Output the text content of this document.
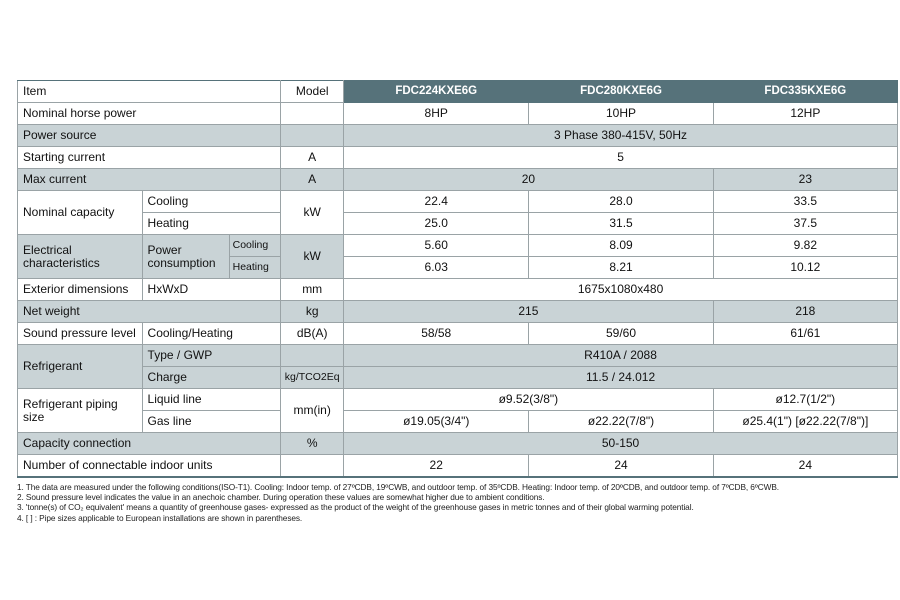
Item			Model	FDC224KXE6G	FDC280KXE6G	FDC335KXE6G
Nominal horse power				8HP	10HP	12HP
Power source				3 Phase 380-415V, 50Hz		
Starting current			A	5		
Max current			A	20		23
Nominal capacity	Cooling		kW	22.4	28.0	33.5
	Heating			25.0	31.5	37.5
Electrical characteristics	Power consumption	Cooling	kW	5.60	8.09	9.82
		Heating		6.03	8.21	10.12
Exterior dimensions	HxWxD		mm	1675x1080x480		
Net weight			kg	215		218
Sound pressure level	Cooling/Heating		dB(A)	58/58	59/60	61/61
Refrigerant	Type / GWP			R410A / 2088		
	Charge		kg/TCO2Eq	11.5 / 24.012		
Refrigerant piping size	Liquid line		mm(in)	ø9.52(3/8")		ø12.7(1/2")
	Gas line			ø19.05(3/4")	ø22.22(7/8")	ø25.4(1") [ø22.22(7/8")]
Capacity connection			%	50-150		
Number of connectable indoor units				22	24	24
1. The data are measured under the following conditions(ISO-T1). Cooling: Indoor temp. of 27ºCDB, 19ºCWB, and outdoor temp. of 35ºCDB. Heating: Indoor temp. of 20ºCDB, and outdoor temp. of 7ºCDB, 6ºCWB.
2. Sound pressure level indicates the value in an anechoic chamber. During operation these values are somewhat higher due to ambient conditions.
3. 'tonne(s) of CO₂ equivalent' means a quantity of greenhouse gases- expressed as the product of the weight of the greenhouse gases in metric tonnes and of their global warming potential.
4. [ ] : Pipe sizes applicable to European installations are shown in parentheses.
